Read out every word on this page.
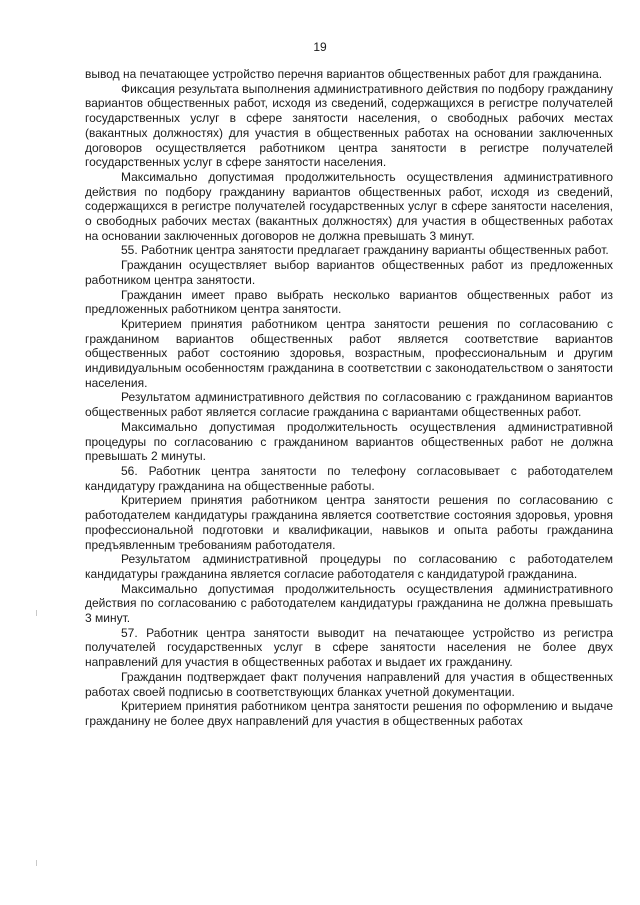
19

вывод на печатающее устройство перечня вариантов общественных работ для гражданина.

Фиксация результата выполнения административного действия по подбору гражданину вариантов общественных работ, исходя из сведений, содержащихся в регистре получателей государственных услуг в сфере занятости населения, о свободных рабочих местах (вакантных должностях) для участия в общественных работах на основании заключенных договоров осуществляется работником центра занятости в регистре получателей государственных услуг в сфере занятости населения.

Максимально допустимая продолжительность осуществления административного действия по подбору гражданину вариантов общественных работ, исходя из сведений, содержащихся в регистре получателей государственных услуг в сфере занятости населения, о свободных рабочих местах (вакантных должностях) для участия в общественных работах на основании заключенных договоров не должна превышать 3 минут.

55. Работник центра занятости предлагает гражданину варианты общественных работ.

Гражданин осуществляет выбор вариантов общественных работ из предложенных работником центра занятости.

Гражданин имеет право выбрать несколько вариантов общественных работ из предложенных работником центра занятости.

Критерием принятия работником центра занятости решения по согласованию с гражданином вариантов общественных работ является соответствие вариантов общественных работ состоянию здоровья, возрастным, профессиональным и другим индивидуальным особенностям гражданина в соответствии с законодательством о занятости населения.

Результатом административного действия по согласованию с гражданином вариантов общественных работ является согласие гражданина с вариантами общественных работ.

Максимально допустимая продолжительность осуществления административной процедуры по согласованию с гражданином вариантов общественных работ не должна превышать 2 минуты.

56. Работник центра занятости по телефону согласовывает с работодателем кандидатуру гражданина на общественные работы.

Критерием принятия работником центра занятости решения по согласованию с работодателем кандидатуры гражданина является соответствие состояния здоровья, уровня профессиональной подготовки и квалификации, навыков и опыта работы гражданина предъявленным требованиям работодателя.

Результатом административной процедуры по согласованию с работодателем кандидатуры гражданина является согласие работодателя с кандидатурой гражданина.

Максимально допустимая продолжительность осуществления административного действия по согласованию с работодателем кандидатуры гражданина не должна превышать 3 минут.

57. Работник центра занятости выводит на печатающее устройство из регистра получателей государственных услуг в сфере занятости населения не более двух направлений для участия в общественных работах и выдает их гражданину.

Гражданин подтверждает факт получения направлений для участия в общественных работах своей подписью в соответствующих бланках учетной документации.

Критерием принятия работником центра занятости решения по оформлению и выдаче гражданину не более двух направлений для участия в общественных работах
